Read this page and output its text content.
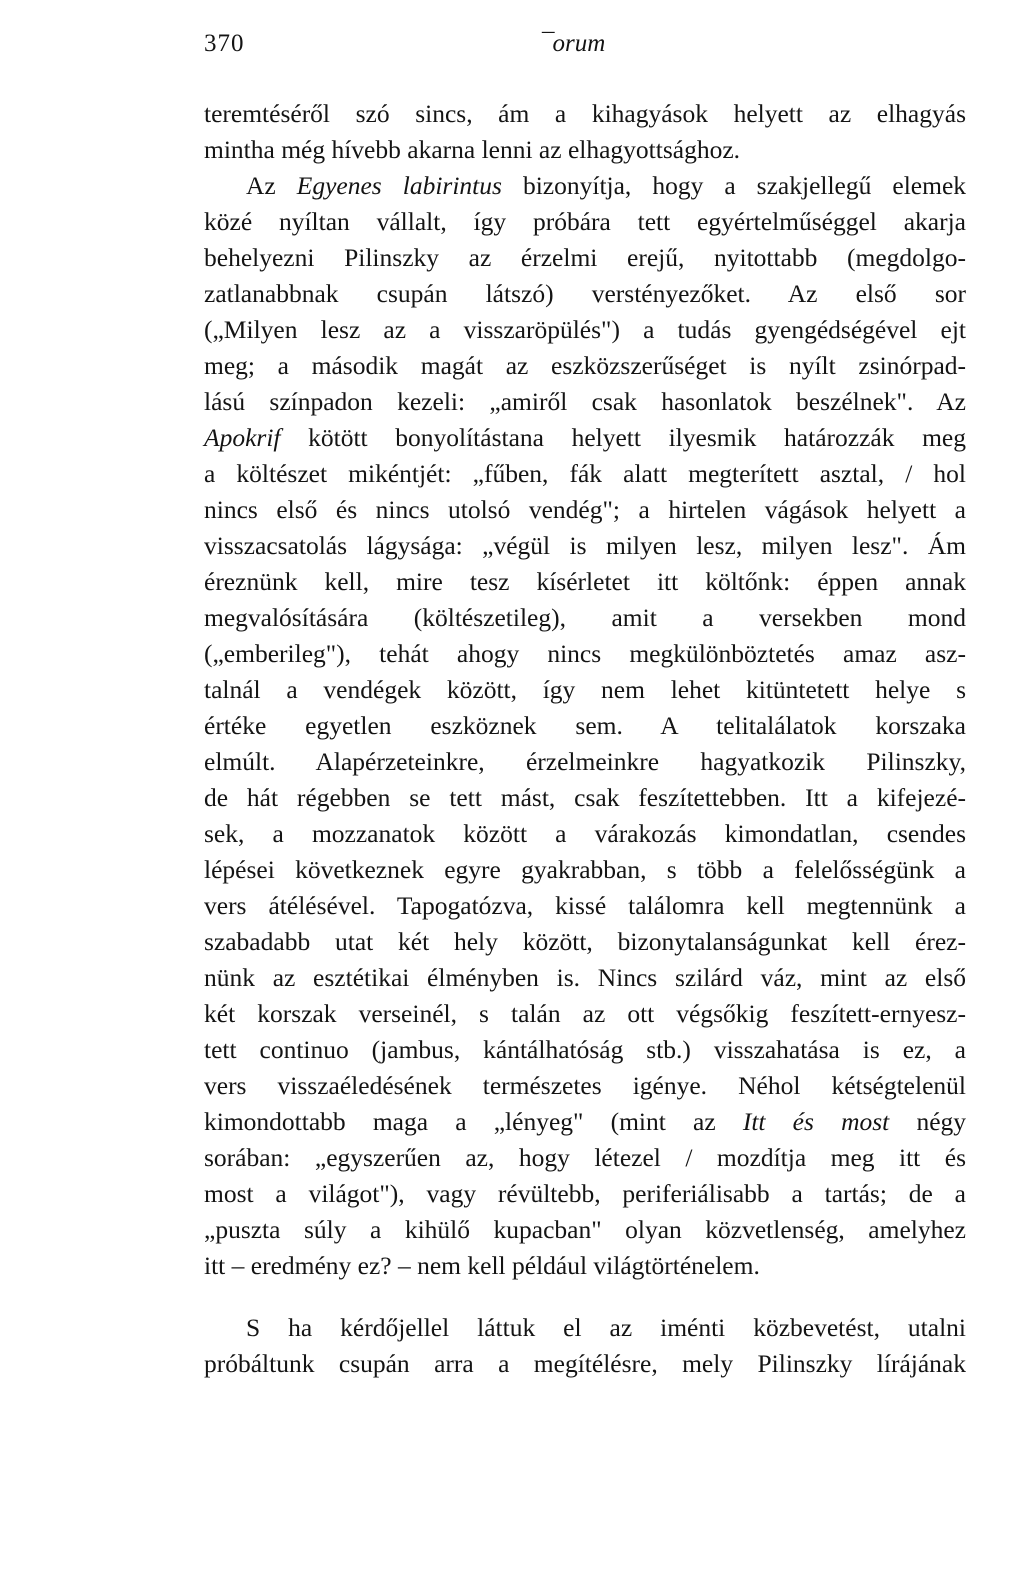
370	¯orum
teremtéséről szó sincs, ám a kihagyások helyett az elhagyás
mintha még hívebb akarna lenni az elhagyottsághoz.
Az Egyenes labirintus bizonyítja, hogy a szakjellegű elemek
közé nyíltan vállalt, így próbára tett egyértelműséggel akarja
behelyezni Pilinszky az érzelmi erejű, nyitottabb (megdolgo-
zatlanabbnak csupán látszó) verstényezőket. Az első sor
(„Milyen lesz az a visszaröpülés") a tudás gyengédségével ejt
meg; a második magát az eszközszerűséget is nyílt zsinórpad-
lású színpadon kezeli: „amiről csak hasonlatok beszélnek". Az
Apokrif kötött bonyolítástana helyett ilyesmik határozzák meg
a költészet mikéntjét: „fűben, fák alatt megterített asztal, / hol
nincs első és nincs utolsó vendég"; a hirtelen vágások helyett a
visszacsatolás lágysága: „végül is milyen lesz, milyen lesz". Ám
éreznünk kell, mire tesz kísérletet itt költőnk: éppen annak
megvalósítására (költészetileg), amit a versekben mond
(„emberileg"), tehát ahogy nincs megkülönböztetés amaz asz-
talnál a vendégek között, így nem lehet kitüntetett helye s
értéke egyetlen eszköznek sem. A telitalálatok korszaka
elmúlt. Alapérzeteinkre, érzelmeinkre hagyatkozik Pilinszky,
de hát régebben se tett mást, csak feszítettebben. Itt a kifejezé-
sek, a mozzanatok között a várakozás kimondatlan, csendes
lépései következnek egyre gyakrabban, s több a felelősségünk a
vers átélésével. Tapogatózva, kissé találomra kell megtennünk a
szabadabb utat két hely között, bizonytalanságunkat kell érez-
nünk az esztétikai élményben is. Nincs szilárd váz, mint az első
két korszak verseinél, s talán az ott végsőkig feszített-ernyesz-
tett continuo (jambus, kántálhatóság stb.) visszahatása is ez, a
vers visszaéledésének természetes igénye. Néhol kétségtelenül
kimondottabb maga a „lényeg" (mint az Itt és most négy
sorában: „egyszerűen az, hogy létezel / mozdítja meg itt és
most a világot"), vagy révültebb, periferiálisabb a tartás; de a
„puszta súly a kihülő kupacban" olyan közvetlenség, amelyhez
itt – eredmény ez? – nem kell például világtörténelem.
S ha kérdőjellel láttuk el az iménti közbevetést, utalni
próbáltunk csupán arra a megítélésre, mely Pilinszky lírájának
